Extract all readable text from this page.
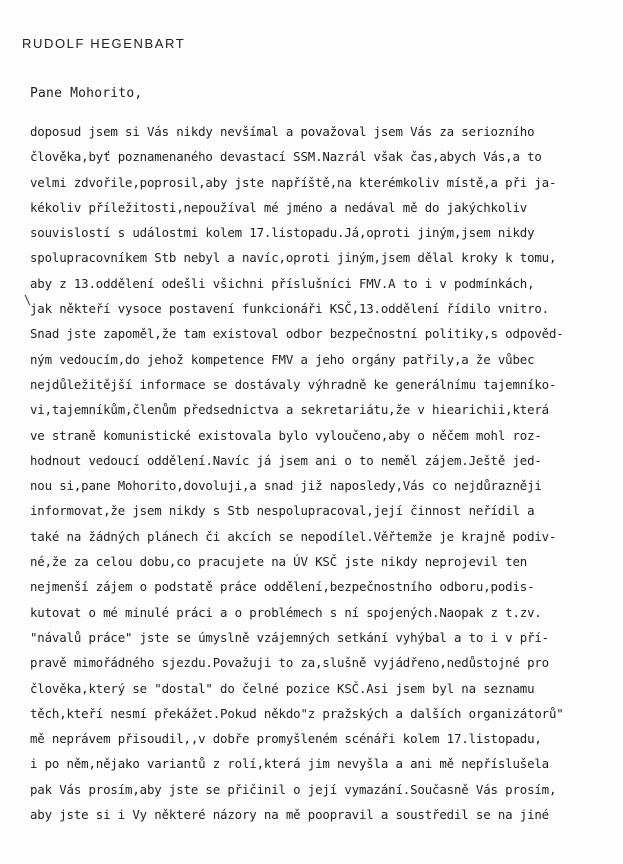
RUDOLF HEGENBART
Pane Mohorito,
doposud jsem si Vás nikdy nevšímal a považoval jsem Vás za seriozního
člověka,byť poznamenaného devastací SSM.Nazrál však čas,abych Vás,a to
velmi zdvořile,poprosil,aby jste napříště,na kterémkoliv místě,a při ja-
kékoliv příležitosti,nepoužíval mé jméno a nedával mě do jakýchkoliv
souvislostí s událostmi kolem 17.listopadu.Já,oproti jiným,jsem nikdy
spolupracovníkem Stb nebyl a navíc,oproti jiným,jsem dělal kroky k tomu,
aby z 13.oddělení odešli všichni příslušníci FMV.A to i v podmínkách,
jak někteří vysoce postavení funkcionáři KSČ,13.oddělení řídilo vnitro.
Snad jste zapoměl,že tam existoval odbor bezpečnostní politiky,s odpověd-
ným vedoucím,do jehož kompetence FMV a jeho orgány patřily,a že vůbec
nejdůležitější informace se dostávaly výhradně ke generálnímu tajemníko-
vi,tajemníkům,členům předsednictva a sekretariátu,že v hiearichii,která
ve straně komunistické existovala bylo vyloučeno,aby o něčem mohl roz-
hodnout vedoucí oddělení.Navíc já jsem ani o to neměl zájem.Ještě jed-
nou si,pane Mohorito,dovoluji,a snad již naposledy,Vás co nejdůrazněji
informovat,že jsem nikdy s Stb nespolupracoval,její činnost neřídil a
také na žádných plánech či akcích se nepodílel.Věřtemže je krajně podiv-
né,že za celou dobu,co pracujete na ÚV KSČ jste nikdy neprojevil ten
nejmenší zájem o podstatě práce oddělení,bezpečnostního odboru,podis-
kutovat o mé minulé práci a o problémech s ní spojených.Naopak z t.zv.
"návalů práce" jste se úmyslně vzájemných setkání vyhýbal a to i v pří-
pravě mimořádného sjezdu.Považuji to za,slušně vyjádřeno,nedůstojné pro
člověka,který se "dostal" do čelné pozice KSČ.Asi jsem byl na seznamu
těch,kteří nesmí překážet.Pokud někdo"z pražských a dalších organizátorů"
mě neprávem přisoudil,,v dobře promyšleném scénáři kolem 17.listopadu,
i po něm,nějako variantů z rolí,která jim nevyšla a ani mě nepříslušela
pak Vás prosím,aby jste se přičinil o její vymazání.Současně Vás prosím,
aby jste si i Vy některé názory na mě poopravil a soustředil se na jiné
\
